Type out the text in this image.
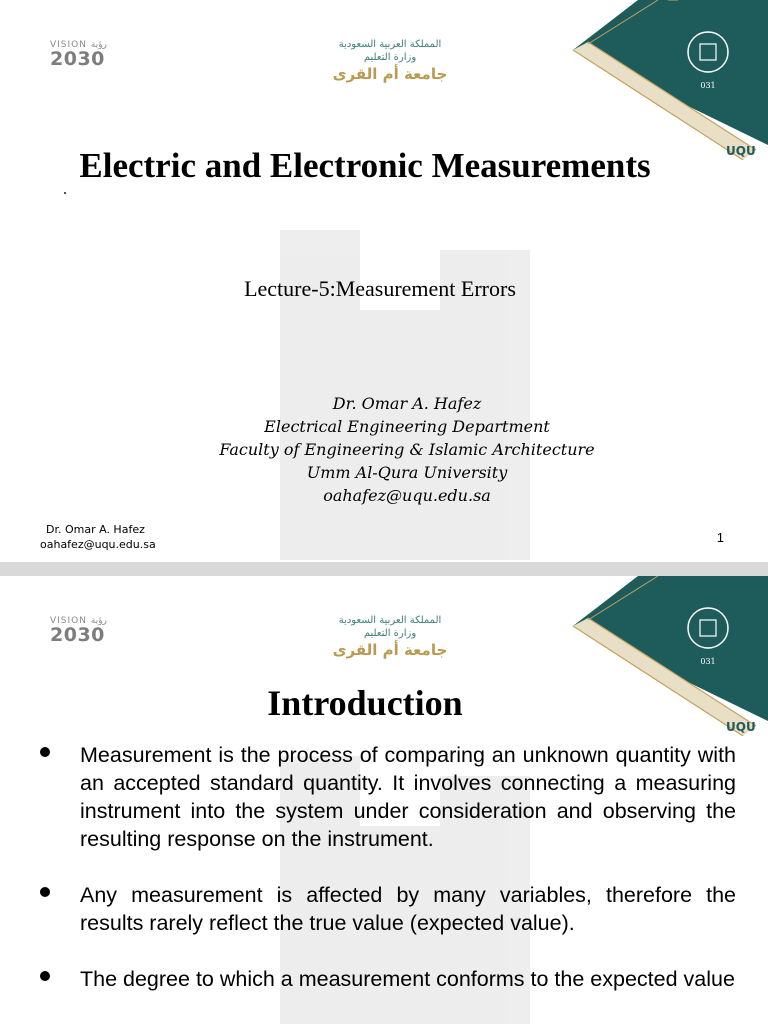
VISION رؤية
2030
المملكة العربية السعودية
وزارة التعليم
جامعة أم القرى
031
UQU
Electric and Electronic Measurements
Lecture-5:Measurement Errors
Dr. Omar A. Hafez
Electrical Engineering Department
Faculty of Engineering & Islamic Architecture
Umm Al-Qura University
oahafez@uqu.edu.sa
Dr. Omar A. Hafez
oahafez@uqu.edu.sa	1
VISION رؤية
2030
المملكة العربية السعودية
وزارة التعليم
جامعة أم القرى
031
UQU
Introduction
Measurement is the process of comparing an unknown quantity with an accepted standard quantity. It involves connecting a measuring instrument into the system under consideration and observing the resulting response on the instrument.
Any measurement is affected by many variables, therefore the results rarely reflect the true value (expected value).
The degree to which a measurement conforms to the expected value
